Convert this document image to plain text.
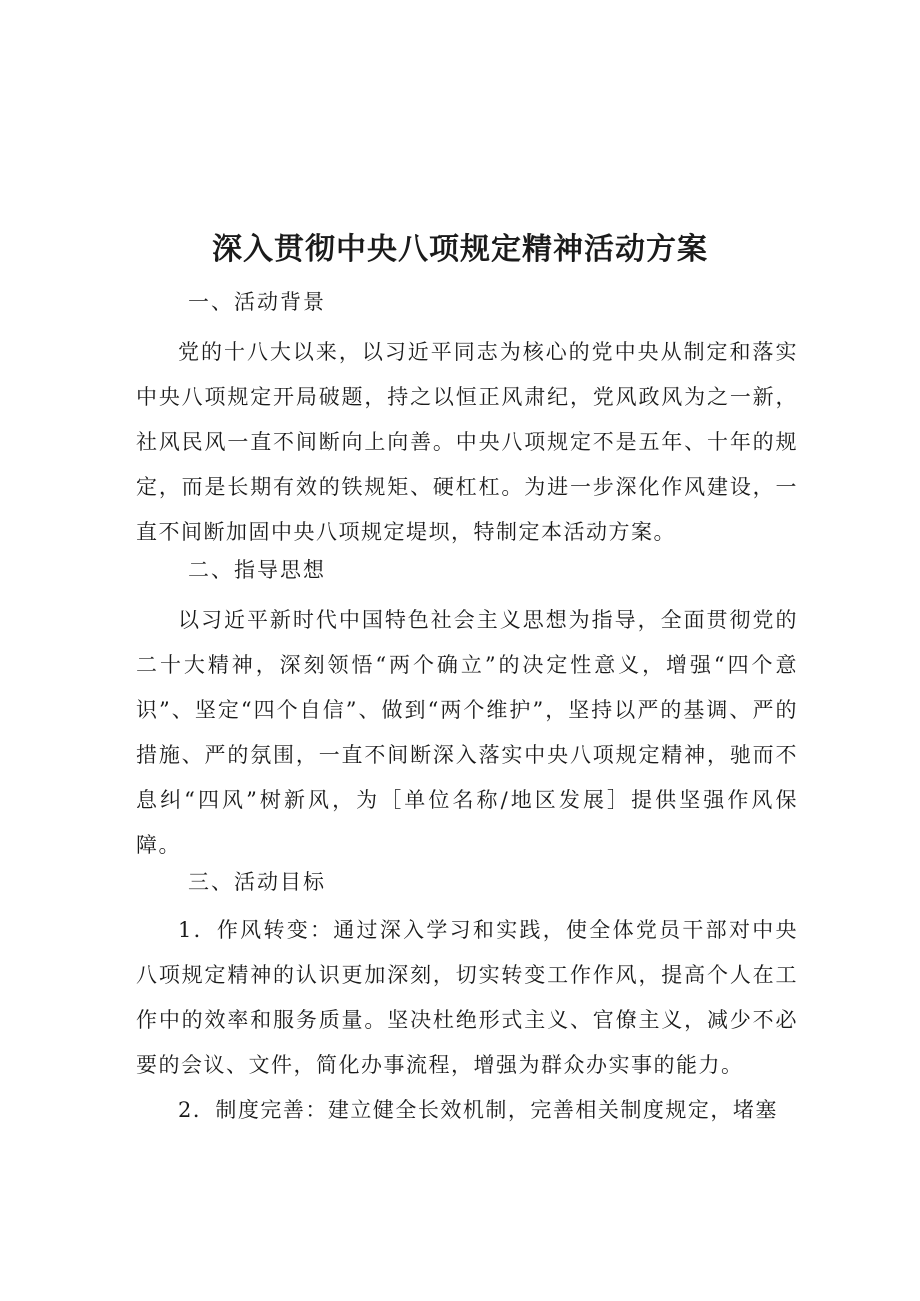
深入贯彻中央八项规定精神活动方案

一、活动背景

党的十八大以来，以习近平同志为核心的党中央从制定和落实中央八项规定开局破题，持之以恒正风肃纪，党风政风为之一新，社风民风一直不间断向上向善。中央八项规定不是五年、十年的规定，而是长期有效的铁规矩、硬杠杠。为进一步深化作风建设，一直不间断加固中央八项规定堤坝，特制定本活动方案。

二、指导思想

以习近平新时代中国特色社会主义思想为指导，全面贯彻党的二十大精神，深刻领悟“两个确立”的决定性意义，增强“四个意识”、坚定“四个自信”、做到“两个维护”，坚持以严的基调、严的措施、严的氛围，一直不间断深入落实中央八项规定精神，驰而不息纠“四风”树新风，为［单位名称/地区发展］提供坚强作风保障。

三、活动目标

1．作风转变：通过深入学习和实践，使全体党员干部对中央八项规定精神的认识更加深刻，切实转变工作作风，提高个人在工作中的效率和服务质量。坚决杜绝形式主义、官僚主义，减少不必要的会议、文件，简化办事流程，增强为群众办实事的能力。

2．制度完善：建立健全长效机制，完善相关制度规定，堵塞
